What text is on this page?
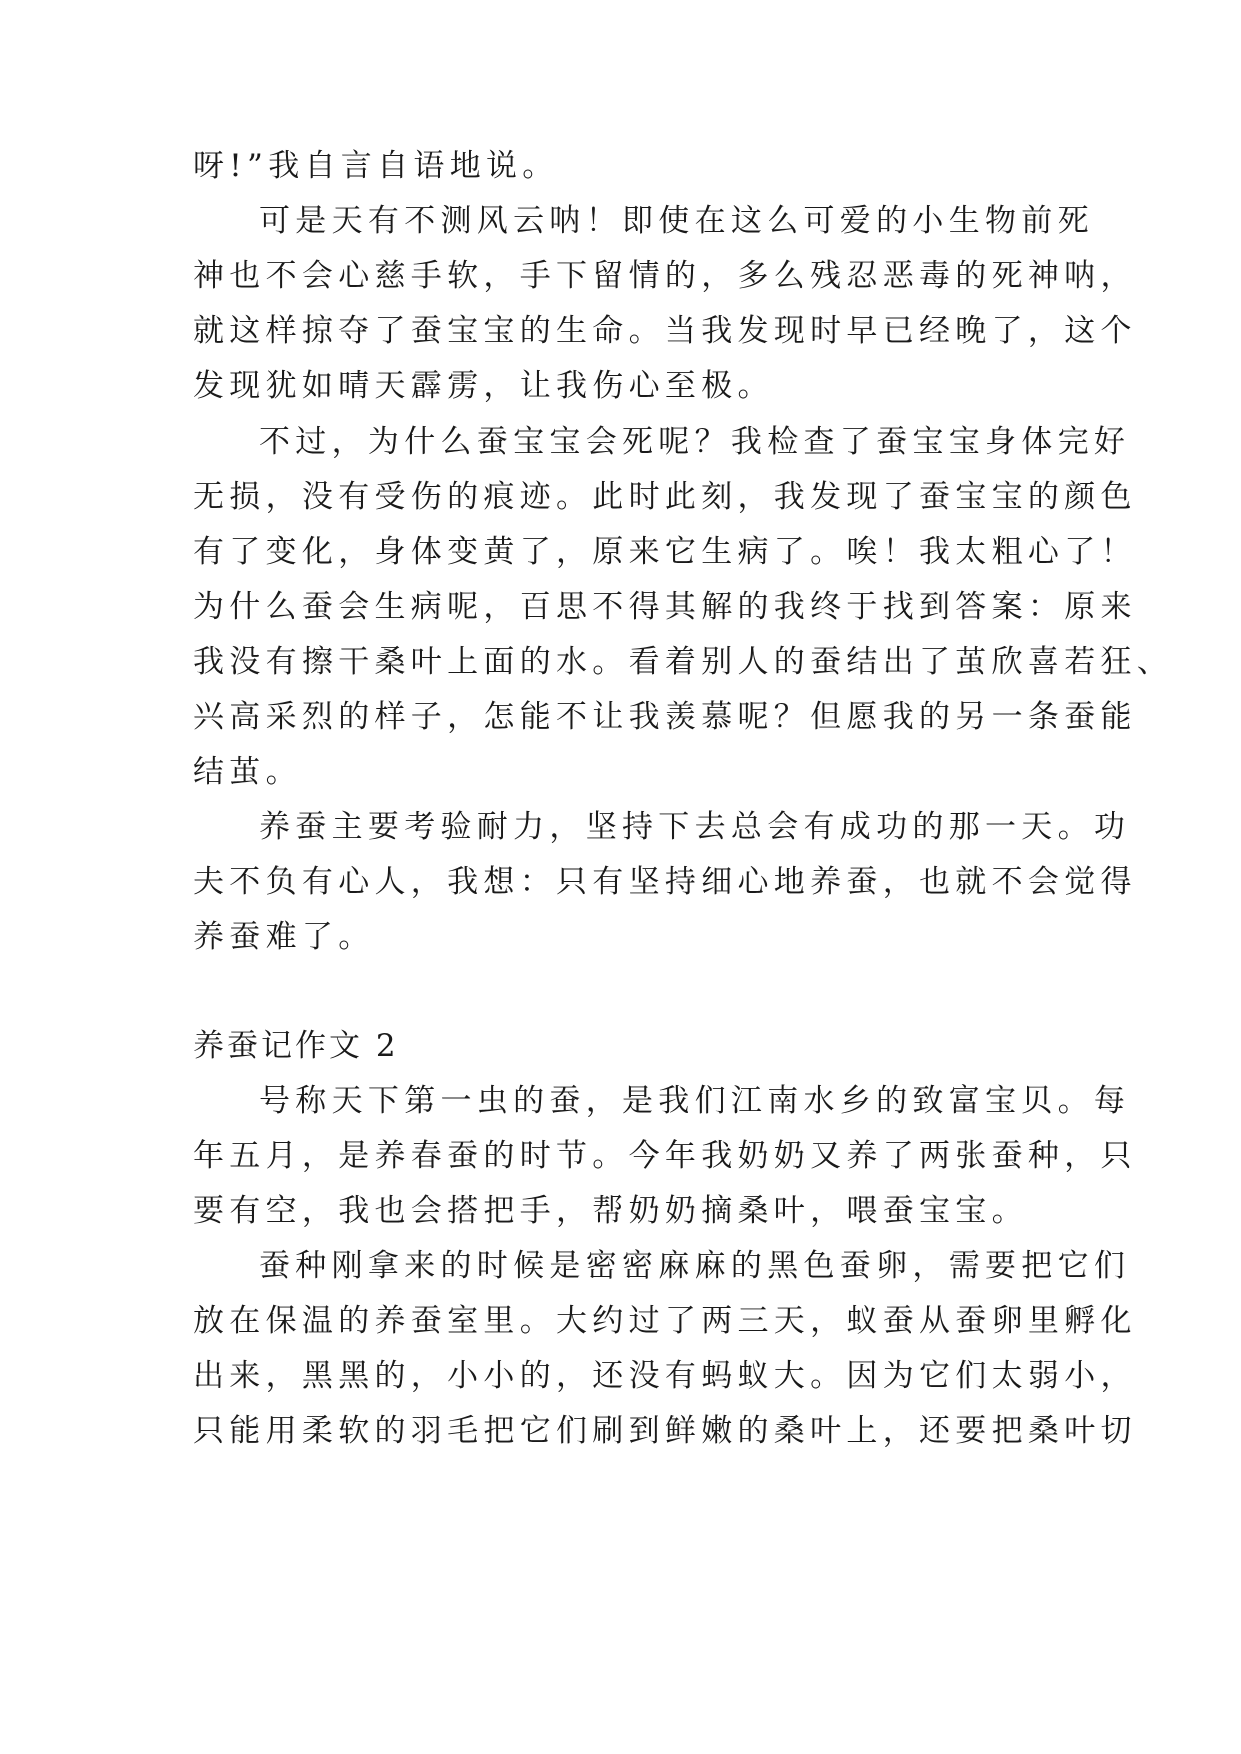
呀!”我自言自语地说。

可是天有不测风云呐！即使在这么可爱的小生物前死

神也不会心慈手软，手下留情的，多么残忍恶毒的死神呐，

就这样掠夺了蚕宝宝的生命。当我发现时早已经晚了，这个

发现犹如晴天霹雳，让我伤心至极。

不过，为什么蚕宝宝会死呢？我检查了蚕宝宝身体完好

无损，没有受伤的痕迹。此时此刻，我发现了蚕宝宝的颜色

有了变化，身体变黄了，原来它生病了。唉！我太粗心了！

为什么蚕会生病呢，百思不得其解的我终于找到答案：原来

我没有擦干桑叶上面的水。看着别人的蚕结出了茧欣喜若狂、

兴高采烈的样子，怎能不让我羡慕呢？但愿我的另一条蚕能

结茧。

养蚕主要考验耐力，坚持下去总会有成功的那一天。功

夫不负有心人，我想：只有坚持细心地养蚕，也就不会觉得

养蚕难了。

养蚕记作文 2

号称天下第一虫的蚕，是我们江南水乡的致富宝贝。每

年五月，是养春蚕的时节。今年我奶奶又养了两张蚕种，只

要有空，我也会搭把手，帮奶奶摘桑叶，喂蚕宝宝。

蚕种刚拿来的时候是密密麻麻的黑色蚕卵，需要把它们

放在保温的养蚕室里。大约过了两三天，蚁蚕从蚕卵里孵化

出来，黑黑的，小小的，还没有蚂蚁大。因为它们太弱小，

只能用柔软的羽毛把它们刷到鲜嫩的桑叶上，还要把桑叶切
